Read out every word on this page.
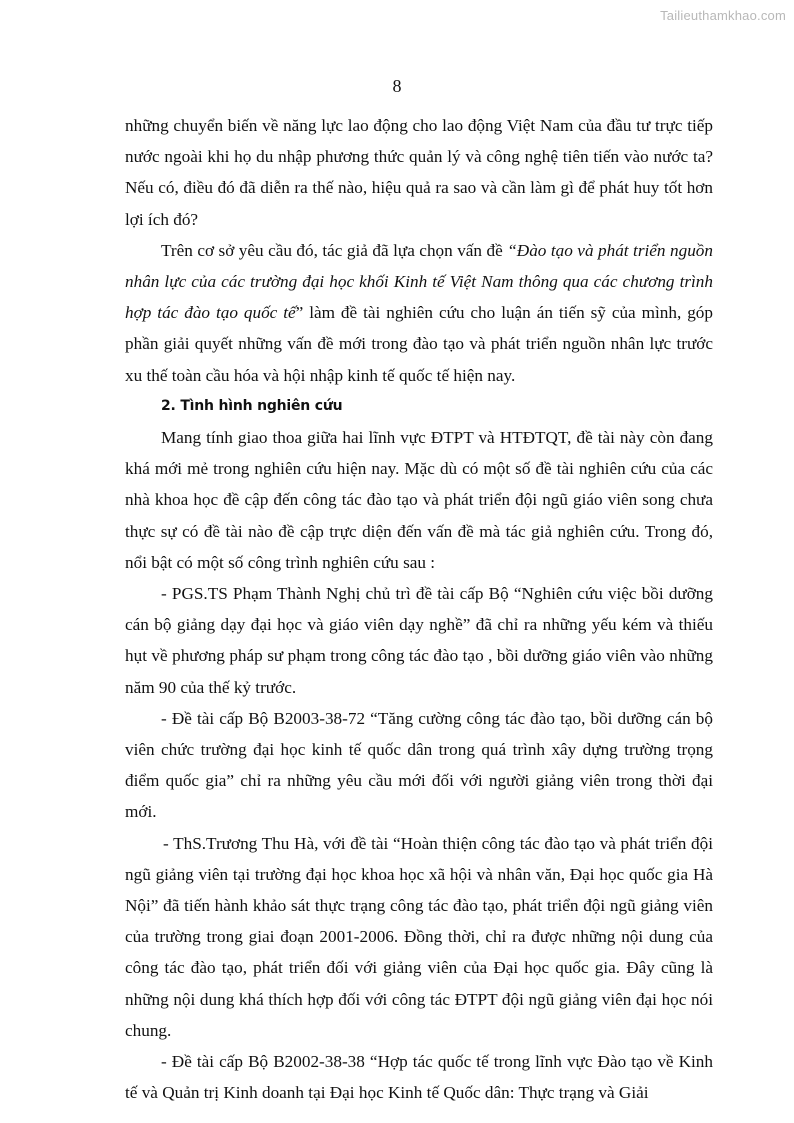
Tailieuthamkhao.com
8

những chuyển biến về năng lực lao động cho lao động Việt Nam của đầu tư trực tiếp nước ngoài khi họ du nhập phương thức quản lý và công nghệ tiên tiến vào nước ta? Nếu có, điều đó đã diễn ra thế nào, hiệu quả ra sao và cần làm gì để phát huy tốt hơn lợi ích đó?

Trên cơ sở yêu cầu đó, tác giả đã lựa chọn vấn đề “Đào tạo và phát triển nguồn nhân lực của các trường đại học khối Kinh tế Việt Nam thông qua các chương trình hợp tác đào tạo quốc tế” làm đề tài nghiên cứu cho luận án tiến sỹ của mình, góp phần giải quyết những vấn đề mới trong đào tạo và phát triển nguồn nhân lực trước xu thế toàn cầu hóa và hội nhập kinh tế quốc tế hiện nay.

2. Tình hình nghiên cứu

Mang tính giao thoa giữa hai lĩnh vực ĐTPT và HTĐTQT, đề tài này còn đang khá mới mẻ trong nghiên cứu hiện nay. Mặc dù có một số đề tài nghiên cứu của các nhà khoa học đề cập đến công tác đào tạo và phát triển đội ngũ giáo viên song chưa thực sự có đề tài nào đề cập trực diện đến vấn đề mà tác giả nghiên cứu. Trong đó, nổi bật có một số công trình nghiên cứu sau :

- PGS.TS Phạm Thành Nghị chủ trì đề tài cấp Bộ “Nghiên cứu việc bồi dưỡng cán bộ giảng dạy đại học và giáo viên dạy nghề” đã chỉ ra những yếu kém và thiếu hụt về phương pháp sư phạm trong công tác đào tạo , bồi dưỡng giáo viên vào những năm 90 của thế kỷ trước.

- Đề tài cấp Bộ B2003-38-72 “Tăng cường công tác đào tạo, bồi dưỡng cán bộ viên chức trường đại học kinh tế quốc dân trong quá trình xây dựng trường trọng điểm quốc gia” chỉ ra những yêu cầu mới đối với người giảng viên trong thời đại mới.

- ThS.Trương Thu Hà, với đề tài “Hoàn thiện công tác đào tạo và phát triển đội ngũ giảng viên tại trường đại học khoa học xã hội và nhân văn, Đại học quốc gia Hà Nội” đã tiến hành khảo sát thực trạng công tác đào tạo, phát triển đội ngũ giảng viên của trường trong giai đoạn 2001-2006. Đồng thời, chỉ ra được những nội dung của công tác đào tạo, phát triển đối với giảng viên của Đại học quốc gia. Đây cũng là những nội dung khá thích hợp đối với công tác ĐTPT đội ngũ giảng viên đại học nói chung.

- Đề tài cấp Bộ B2002-38-38 “Hợp tác quốc tế trong lĩnh vực Đào tạo về Kinh tế và Quản trị Kinh doanh tại Đại học Kinh tế Quốc dân: Thực trạng và Giải
